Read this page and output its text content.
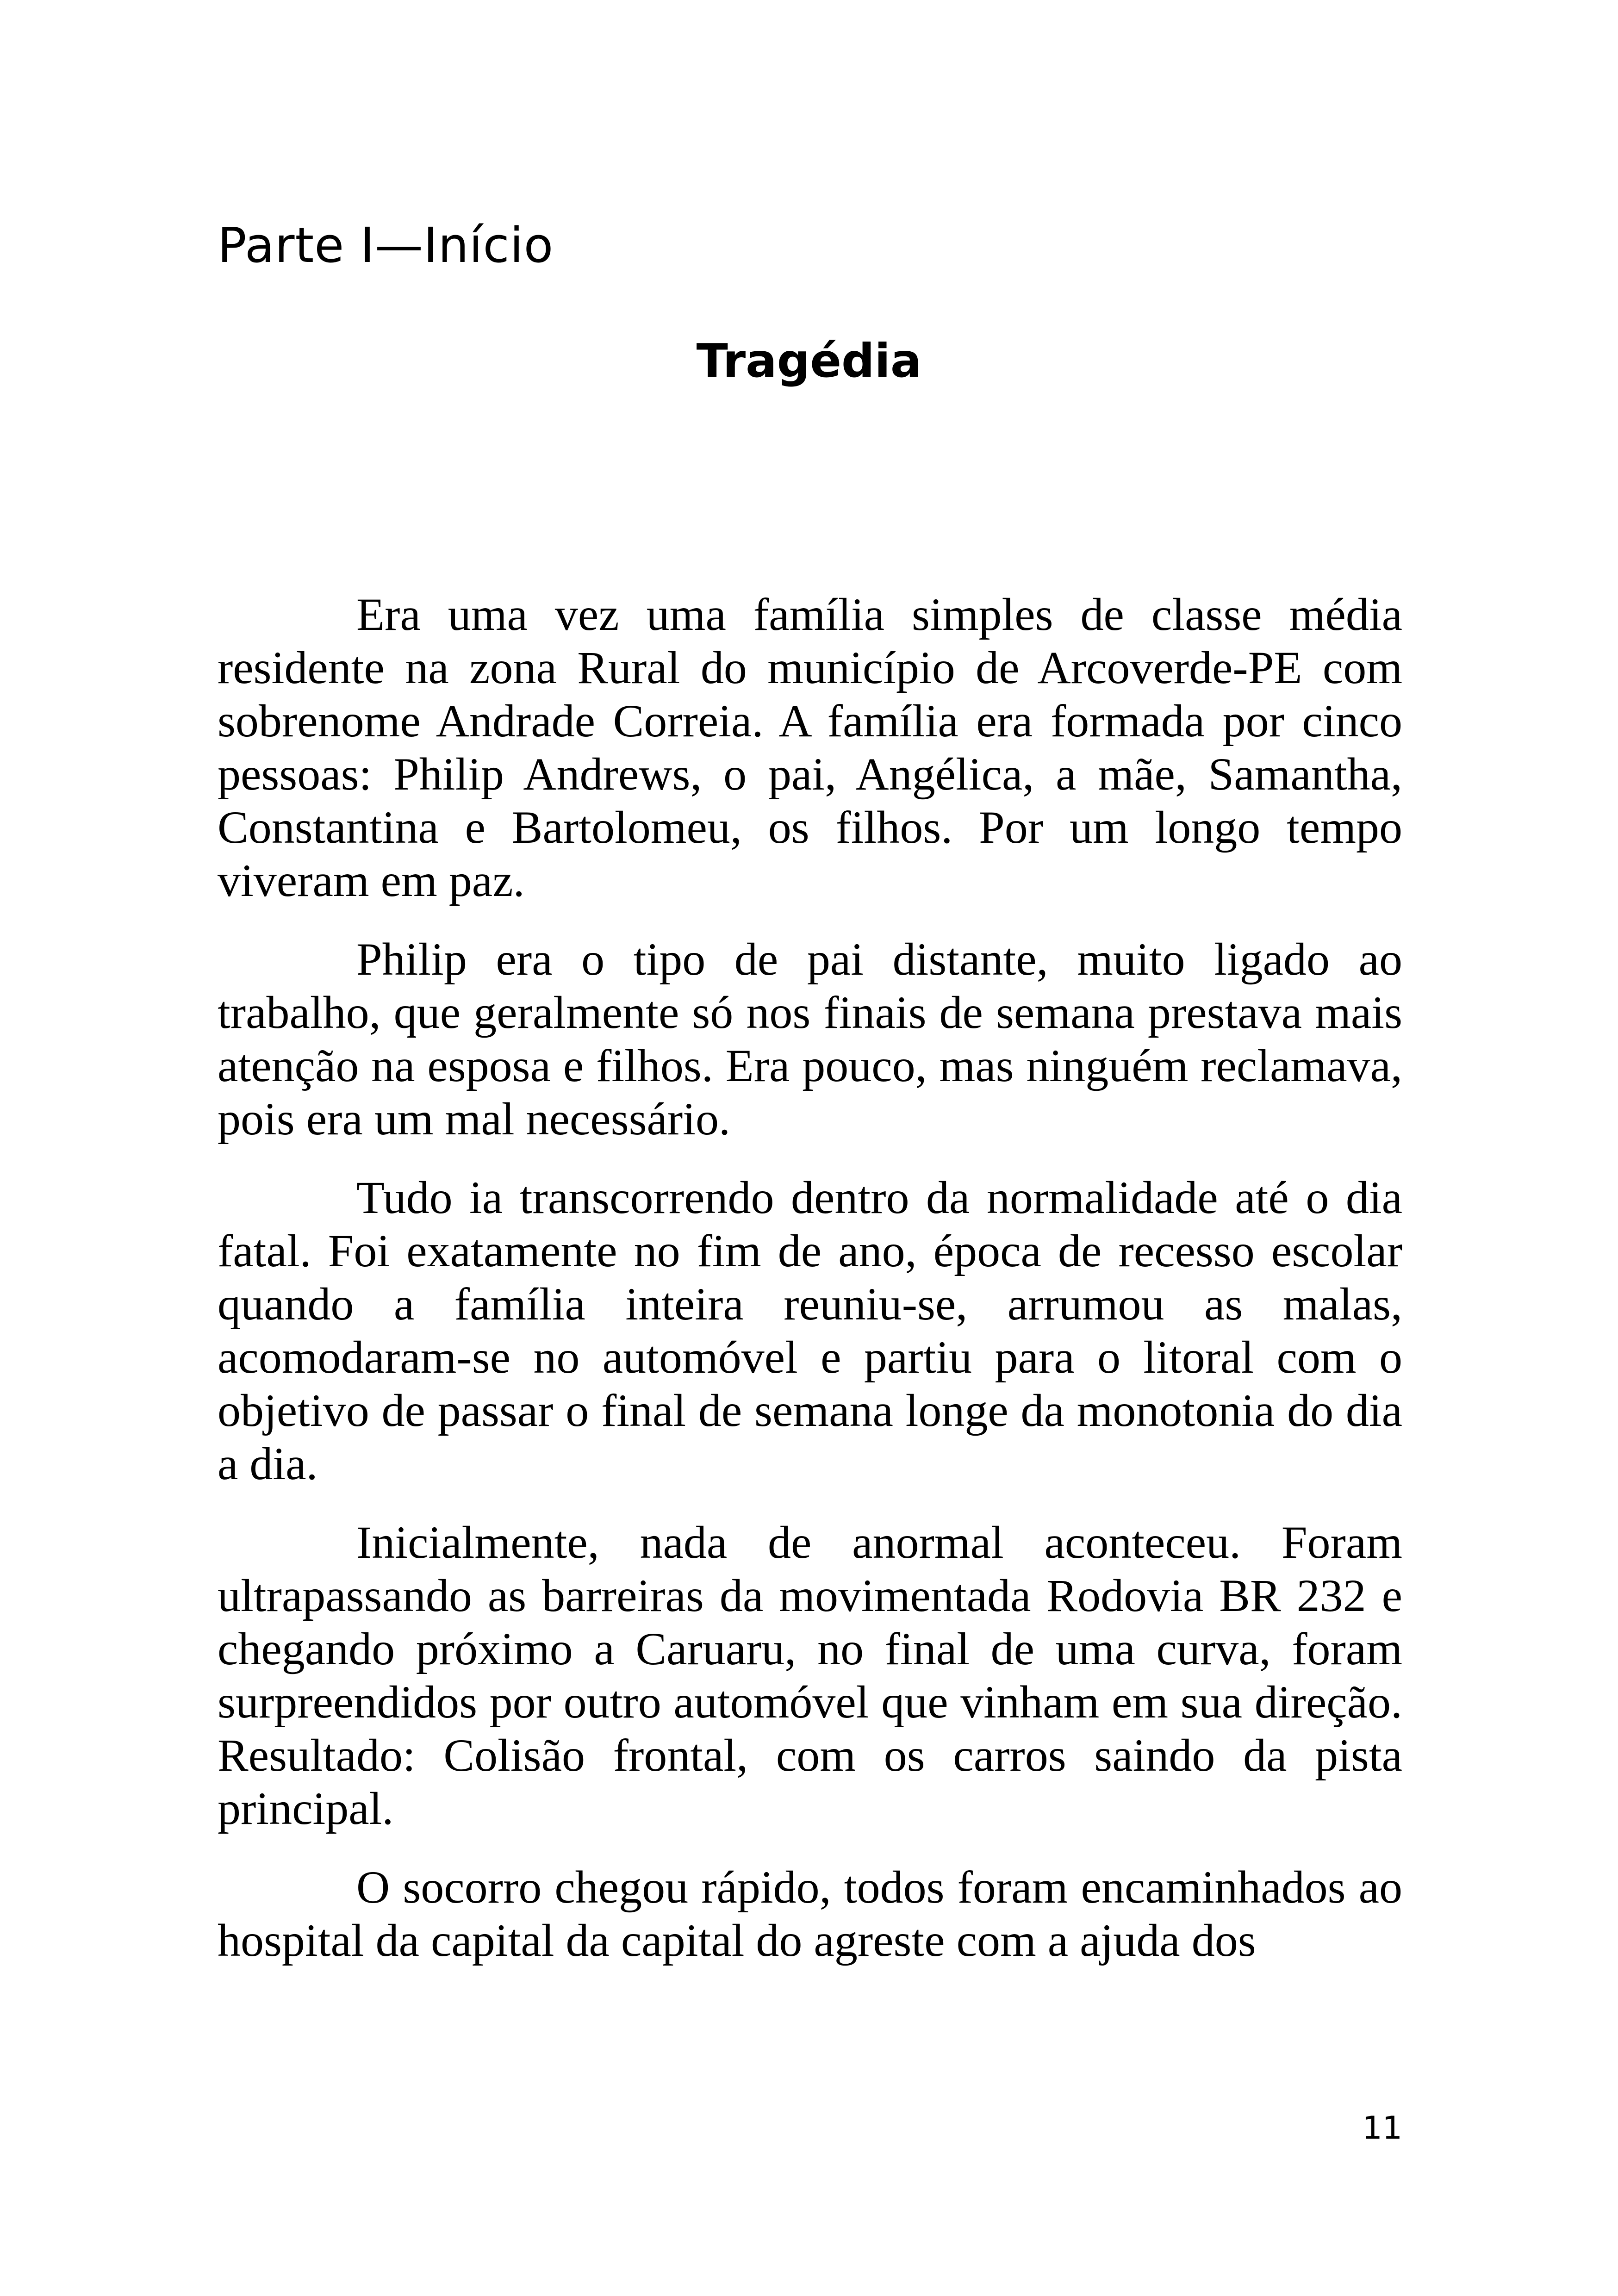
Parte I—Início
Tragédia

Era uma vez uma família simples de classe média residente na zona Rural do município de Arcoverde-PE com sobrenome Andrade Correia. A família era formada por cinco pessoas: Philip Andrews, o pai, Angélica, a mãe, Samantha, Constantina e Bartolomeu, os filhos. Por um longo tempo viveram em paz.

Philip era o tipo de pai distante, muito ligado ao trabalho, que geralmente só nos finais de semana prestava mais atenção na esposa e filhos. Era pouco, mas ninguém reclamava, pois era um mal necessário.

Tudo ia transcorrendo dentro da normalidade até o dia fatal. Foi exatamente no fim de ano, época de recesso escolar quando a família inteira reuniu-se, arrumou as malas, acomodaram-se no automóvel e partiu para o litoral com o objetivo de passar o final de semana longe da monotonia do dia a dia.

Inicialmente, nada de anormal aconteceu. Foram ultrapassando as barreiras da movimentada Rodovia BR 232 e chegando próximo a Caruaru, no final de uma curva, foram surpreendidos por outro automóvel que vinham em sua direção. Resultado: Colisão frontal, com os carros saindo da pista principal.

O socorro chegou rápido, todos foram encaminhados ao hospital da capital da capital do agreste com a ajuda dos

11
